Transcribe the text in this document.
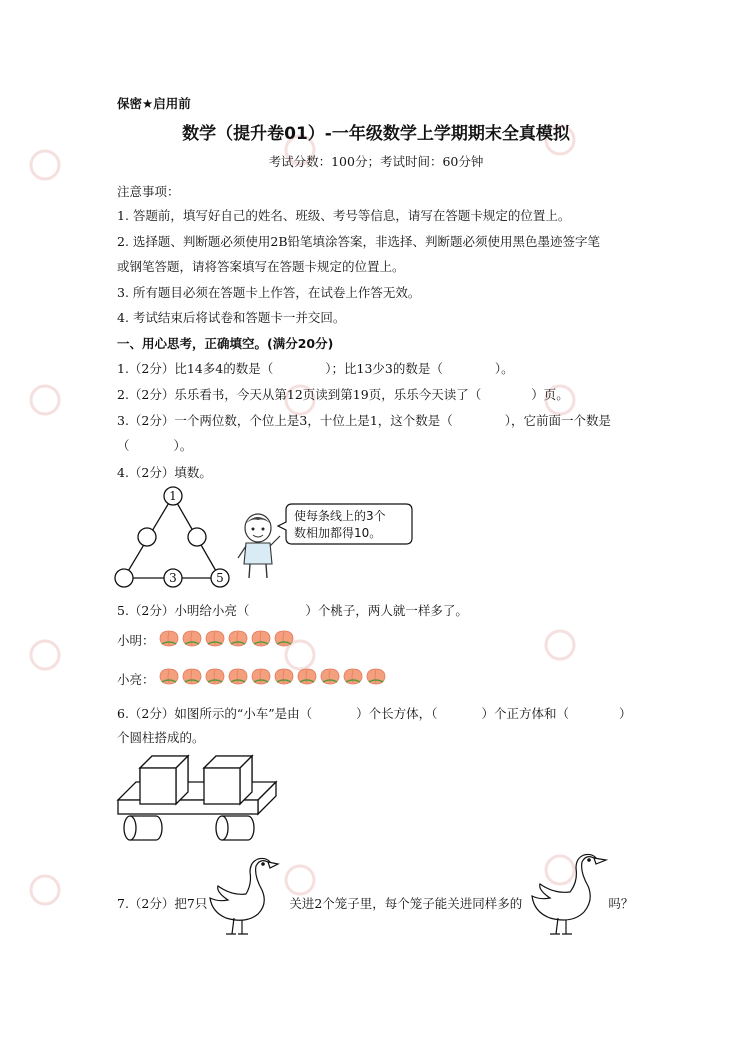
保密★启用前
数学（提升卷01）-一年级数学上学期期末全真模拟
考试分数：100分；考试时间：60分钟
注意事项：
1. 答题前，填写好自己的姓名、班级、考号等信息，请写在答题卡规定的位置上。
2. 选择题、判断题必须使用2B铅笔填涂答案，非选择、判断题必须使用黑色墨迹签字笔
或钢笔答题，请将答案填写在答题卡规定的位置上。
3. 所有题目必须在答题卡上作答，在试卷上作答无效。
4. 考试结束后将试卷和答题卡一并交回。
一、用心思考，正确填空。(满分20分)
1.（2分）比14多4的数是（	）；比13少3的数是（	）。
2.（2分）乐乐看书，今天从第12页读到第19页，乐乐今天读了（	）页。
3.（2分）一个两位数，个位上是3，十位上是1，这个数是（	），它前面一个数是
（	）。
4.（2分）填数。
1
3	5
使每条线上的3个
数相加都得10。
5.（2分）小明给小亮（	）个桃子，两人就一样多了。
小明：
小亮：
6.（2分）如图所示的“小车”是由（	）个长方体，（	）个正方体和（	）
个圆柱搭成的。
7.（2分）把7只	关进2个笼子里，每个笼子能关进同样多的	吗？
